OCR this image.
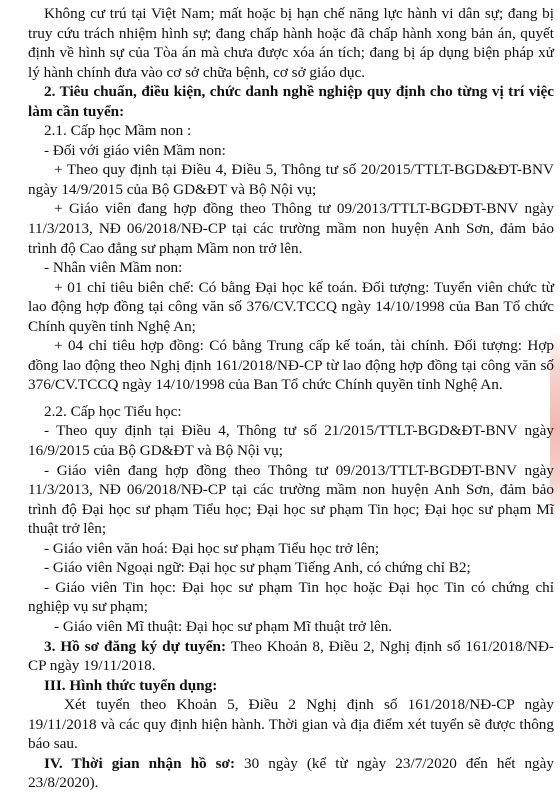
Không cư trú tại Việt Nam; mất hoặc bị hạn chế năng lực hành vi dân sự; đang bị truy cứu trách nhiệm hình sự; đang chấp hành hoặc đã chấp hành xong bản án, quyết định về hình sự của Tòa án mà chưa được xóa án tích; đang bị áp dụng biện pháp xử lý hành chính đưa vào cơ sở chữa bệnh, cơ sở giáo dục.

2. Tiêu chuẩn, điều kiện, chức danh nghề nghiệp quy định cho từng vị trí việc làm cần tuyển:

2.1. Cấp học Mầm non :

- Đối với giáo viên Mầm non:

+ Theo quy định tại Điều 4, Điều 5, Thông tư số 20/2015/TTLT-BGD&ĐT-BNV ngày 14/9/2015 của Bộ GD&ĐT và Bộ Nội vụ;

+ Giáo viên đang hợp đồng theo Thông tư 09/2013/TTLT-BGDĐT-BNV ngày 11/3/2013, NĐ 06/2018/NĐ-CP tại các trường mầm non huyện Anh Sơn, đảm bảo trình độ Cao đẳng sư phạm Mầm non trở lên.

- Nhân viên Mầm non:

+ 01 chỉ tiêu biên chế: Có bằng Đại học kế toán. Đối tượng: Tuyển viên chức từ lao động hợp đồng tại công văn số 376/CV.TCCQ ngày 14/10/1998 của Ban Tổ chức Chính quyền tỉnh Nghệ An;

+ 04 chỉ tiêu hợp đồng: Có bằng Trung cấp kế toán, tài chính. Đối tượng: Hợp đồng lao động theo Nghị định 161/2018/NĐ-CP từ lao động hợp đồng tại công văn số 376/CV.TCCQ ngày 14/10/1998 của Ban Tổ chức Chính quyền tỉnh Nghệ An.

2.2. Cấp học Tiểu học:

- Theo quy định tại Điều 4, Thông tư số 21/2015/TTLT-BGD&ĐT-BNV ngày 16/9/2015 của Bộ GD&ĐT và Bộ Nội vụ;

- Giáo viên đang hợp đồng theo Thông tư 09/2013/TTLT-BGDĐT-BNV ngày 11/3/2013, NĐ 06/2018/NĐ-CP tại các trường mầm non huyện Anh Sơn, đảm bảo trình độ Đại học sư phạm Tiểu học; Đại học sư phạm Tin học; Đại học sư phạm Mĩ thuật trở lên;

- Giáo viên văn hoá: Đại học sư phạm Tiểu học trở lên;

- Giáo viên Ngoại ngữ: Đại học sư phạm Tiếng Anh, có chứng chỉ B2;

- Giáo viên Tin học: Đại học sư phạm Tin học hoặc Đại học Tin có chứng chỉ nghiệp vụ sư phạm;

- Giáo viên Mĩ thuật: Đại học sư phạm Mĩ thuật trở lên.

3. Hồ sơ đăng ký dự tuyển: Theo Khoản 8, Điều 2, Nghị định số 161/2018/NĐ-CP ngày 19/11/2018.

III. Hình thức tuyển dụng:

Xét tuyển theo Khoản 5, Điều 2 Nghị định số 161/2018/NĐ-CP ngày 19/11/2018 và các quy định hiện hành. Thời gian và địa điểm xét tuyển sẽ được thông báo sau.

IV. Thời gian nhận hồ sơ: 30 ngày (kể từ ngày 23/7/2020 đến hết ngày 23/8/2020).
